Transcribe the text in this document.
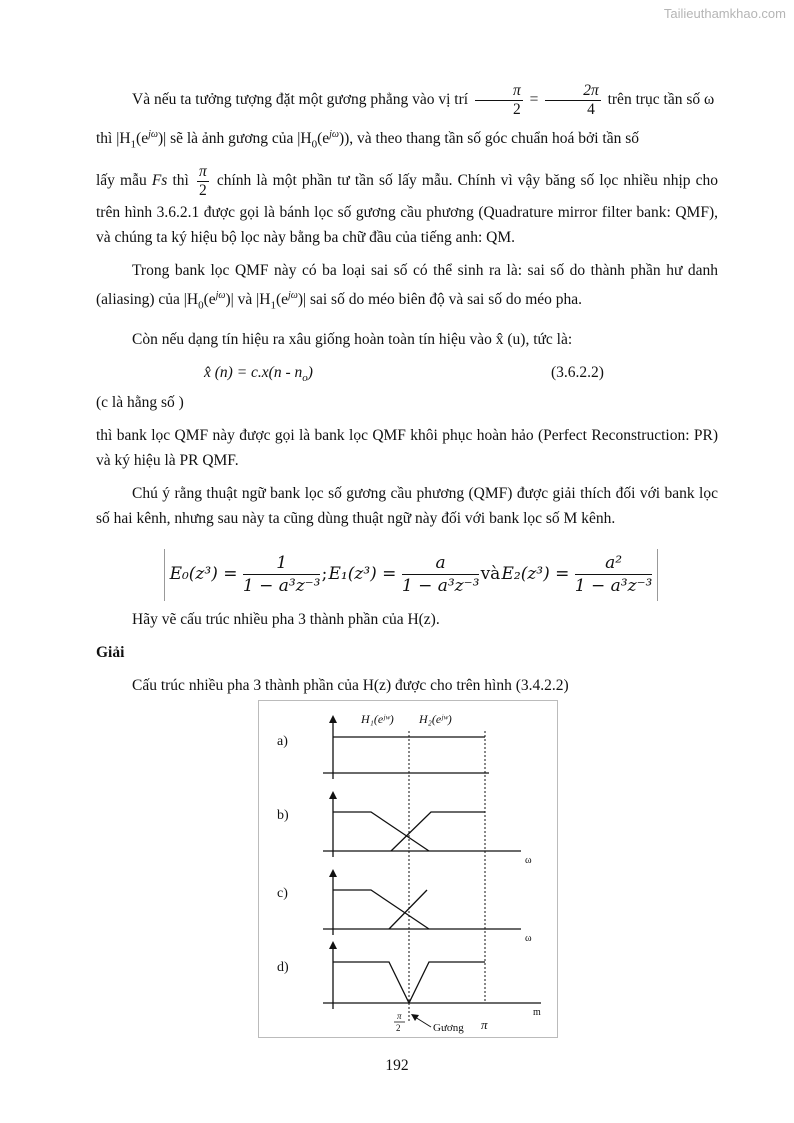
Tailieuthamkhao.com

Và nếu ta tưởng tượng đặt một gương phẳng vào vị trí $\frac{\pi}{2} = \frac{2\pi}{4}$ trên trục tần số ω

thì $|H_1(e^{j\omega})|$ sẽ là ảnh gương của $|H_0(e^{j\omega})$), và theo thang tần số góc chuẩn hoá bởi tần số

lấy mẫu Fs thì $\frac{\pi}{2}$ chính là một phần tư tần số lấy mẫu. Chính vì vậy băng số lọc nhiều nhịp cho trên hình 3.6.2.1 được gọi là bánh lọc số gương cầu phương (Quadrature mirror filter bank: QMF), và chúng ta ký hiệu bộ lọc này bằng ba chữ đầu của tiếng anh: QM.

Trong bank lọc QMF này có ba loại sai số có thể sinh ra là: sai số do thành phần hư danh (aliasing) của $|H_0(e^{j\omega})|$ và $|H_1(e^{j\omega})|$ sai số do méo biên độ và sai số do méo pha.

Còn nếu dạng tín hiệu ra xâu giống hoàn toàn tín hiệu vào x̂ (u), tức là:

x̂ $(n) = c.x(n - n_o)$	(3.6.2.2)

(c là hằng số )

thì bank lọc QMF này được gọi là bank lọc QMF khôi phục hoàn hảo (Perfect Reconstruction: PR) và ký hiệu là PR QMF.

Chú ý rằng thuật ngữ bank lọc số gương cầu phương (QMF) được giải thích đối với bank lọc số hai kênh, nhưng sau này ta cũng dùng thuật ngữ này đối với bank lọc số M kênh.

$E_0(z^3) = \frac{1}{\text{1 − a³z⁻³}}$ ; $E_1(z^3) = \frac{a}{\text{1 − a³z⁻³}}$ và $E_2(z^3) = \frac{\text{a²}}{\text{1 − a³z⁻³}}$

Hãy vẽ cấu trúc nhiều pha 3 thành phần của H(z).

Giải

Cấu trúc nhiều pha 3 thành phần của H(z) được cho trên hình (3.4.2.2)

H₁(eʲʷ) H₂(eʲʷ)
a)
b)
c)
d)
ω
ω
m
π
2	Gương π
192
